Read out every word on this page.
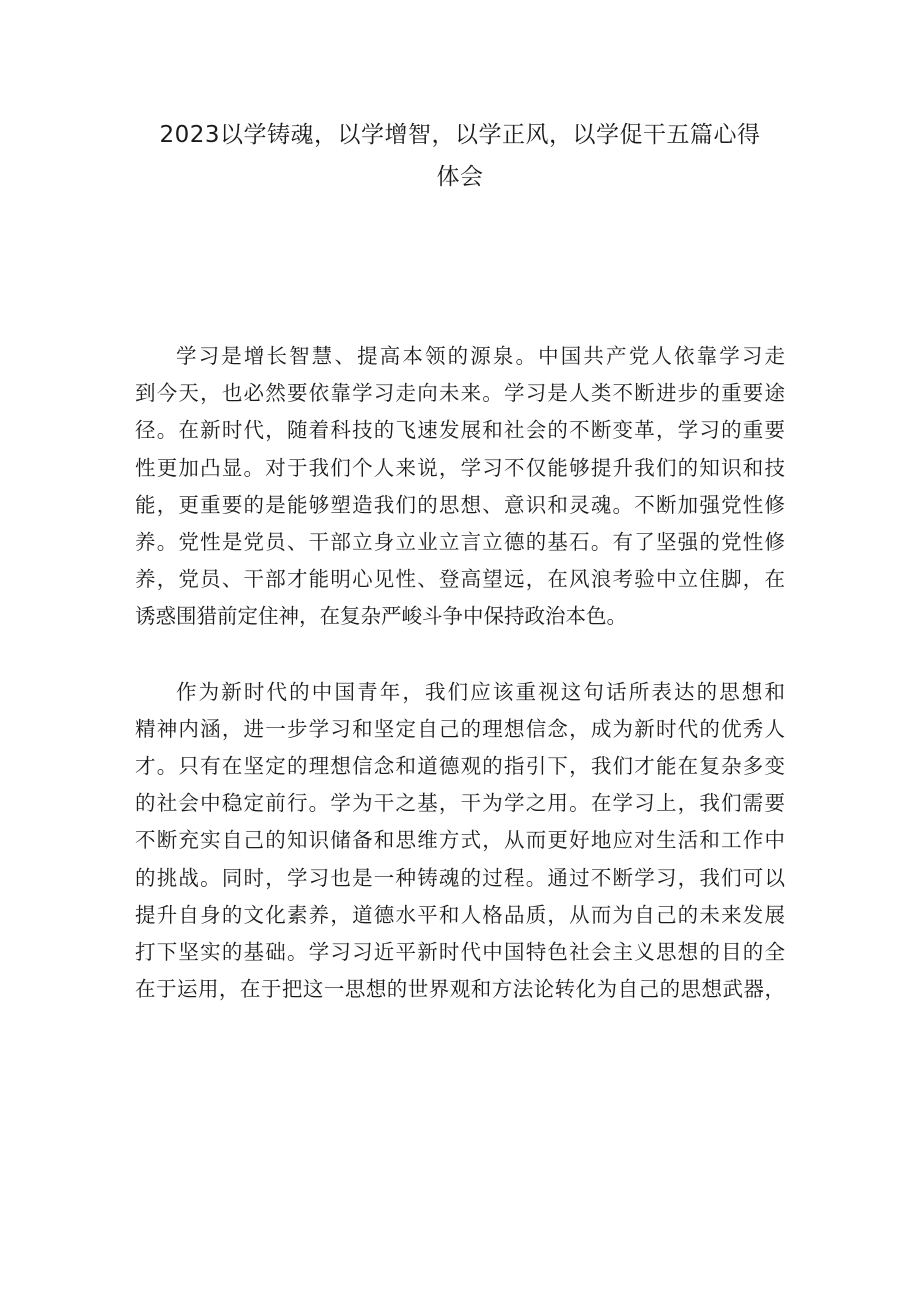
2023以学铸魂，以学增智，以学正风，以学促干五篇心得
体会
学习是增长智慧、提高本领的源泉。中国共产党人依靠学习走
到今天，也必然要依靠学习走向未来。学习是人类不断进步的重要途
径。在新时代，随着科技的飞速发展和社会的不断变革，学习的重要
性更加凸显。对于我们个人来说，学习不仅能够提升我们的知识和技
能，更重要的是能够塑造我们的思想、意识和灵魂。不断加强党性修
养。党性是党员、干部立身立业立言立德的基石。有了坚强的党性修
养，党员、干部才能明心见性、登高望远，在风浪考验中立住脚，在
诱惑围猎前定住神，在复杂严峻斗争中保持政治本色。
作为新时代的中国青年，我们应该重视这句话所表达的思想和
精神内涵，进一步学习和坚定自己的理想信念，成为新时代的优秀人
才。只有在坚定的理想信念和道德观的指引下，我们才能在复杂多变
的社会中稳定前行。学为干之基，干为学之用。在学习上，我们需要
不断充实自己的知识储备和思维方式，从而更好地应对生活和工作中
的挑战。同时，学习也是一种铸魂的过程。通过不断学习，我们可以
提升自身的文化素养，道德水平和人格品质，从而为自己的未来发展
打下坚实的基础。学习习近平新时代中国特色社会主义思想的目的全
在于运用，在于把这一思想的世界观和方法论转化为自己的思想武器，
